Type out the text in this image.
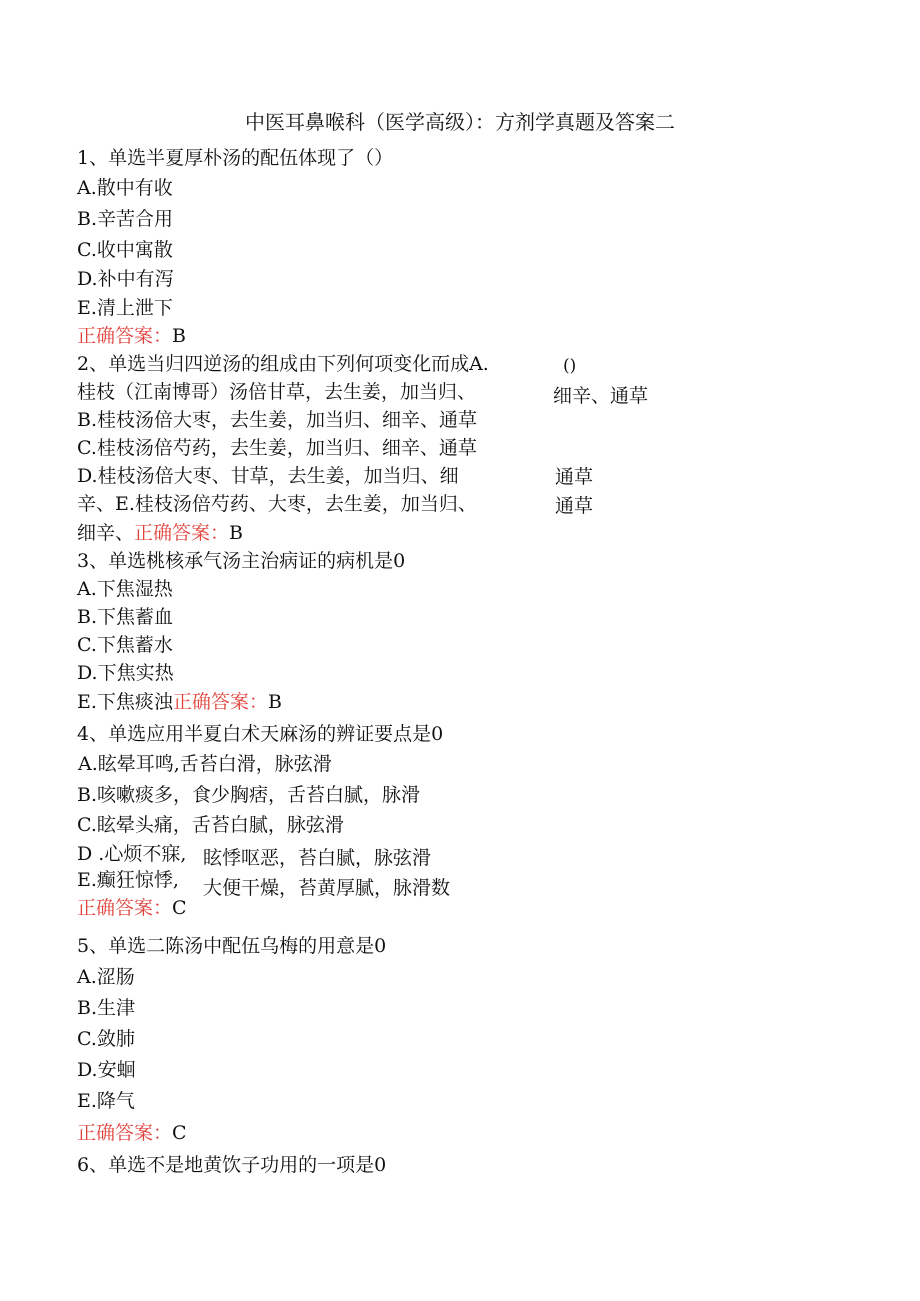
中医耳鼻喉科（医学高级）：方剂学真题及答案二
1、单选半夏厚朴汤的配伍体现了（）
A.散中有收
B.辛苦合用
C.收中寓散
D.补中有泻
E.清上泄下
正确答案：B
2、单选当归四逆汤的组成由下列何项变化而成A.	()
桂枝（江南博哥）汤倍甘草，去生姜，加当归、	细辛、通草
B.桂枝汤倍大枣，去生姜，加当归、细辛、通草
C.桂枝汤倍芍药，去生姜，加当归、细辛、通草
D.桂枝汤倍大枣、甘草，去生姜，加当归、细	通草
辛、E.桂枝汤倍芍药、大枣，去生姜，加当归、	通草
细辛、正确答案：B
3、单选桃核承气汤主治病证的病机是0
A.下焦湿热
B.下焦蓄血
C.下焦蓄水
D.下焦实热
E.下焦痰浊正确答案：B
4、单选应用半夏白术天麻汤的辨证要点是0
A.眩晕耳鸣,舌苔白滑，脉弦滑
B.咳嗽痰多，食少胸痞，舌苔白腻，脉滑
C.眩晕头痛，舌苔白腻，脉弦滑
D .心烦不寐, 眩悸呕恶，苔白腻，脉弦滑
E.癫狂惊悸, 大便干燥，苔黄厚腻，脉滑数
正确答案：C
5、单选二陈汤中配伍乌梅的用意是0
A.涩肠
B.生津
C.敛肺
D.安蛔
E.降气
正确答案：C
6、单选不是地黄饮子功用的一项是0
